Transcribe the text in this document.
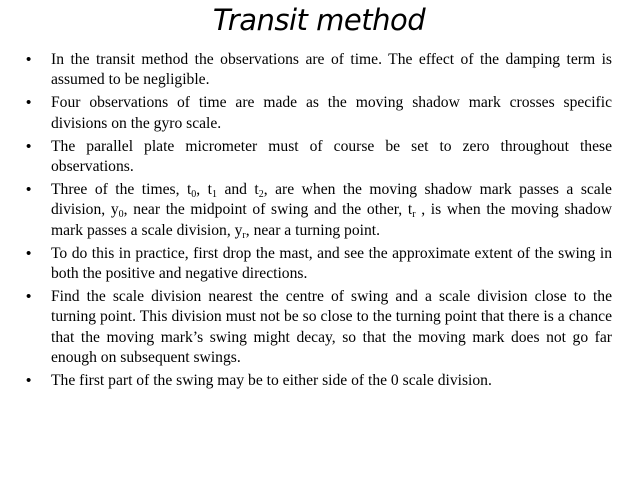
Transit method
• In the transit method the observations are of time. The effect of the damping term is assumed to be negligible.
• Four observations of time are made as the moving shadow mark crosses specific divisions on the gyro scale.
• The parallel plate micrometer must of course be set to zero throughout these observations.
• Three of the times, $t_0$, $t_1$ and $t_2$, are when the moving shadow mark passes a scale division, $y_0$, near the midpoint of swing and the other, $t_r$ , is when the moving shadow mark passes a scale division, $y_r$, near a turning point.
• To do this in practice, first drop the mast, and see the approximate extent of the swing in both the positive and negative directions.
• Find the scale division nearest the centre of swing and a scale division close to the turning point. This division must not be so close to the turning point that there is a chance that the moving mark’s swing might decay, so that the moving mark does not go far enough on subsequent swings.
• The first part of the swing may be to either side of the 0 scale division.
